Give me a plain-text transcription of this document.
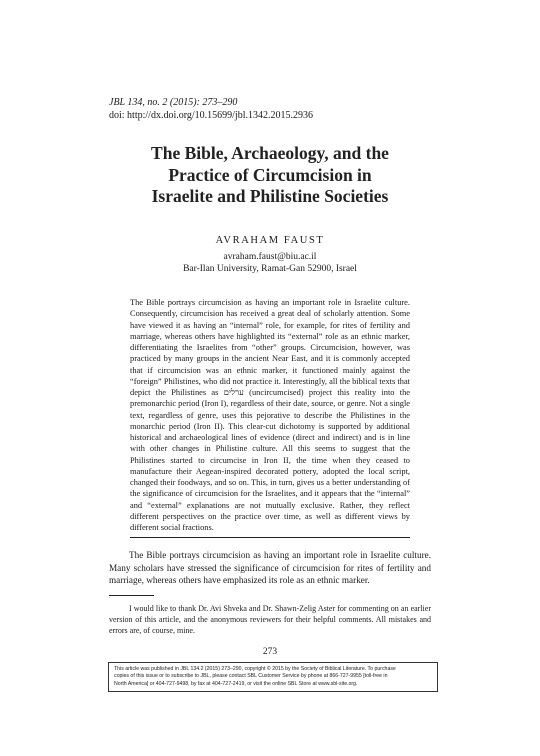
JBL 134, no. 2 (2015): 273–290
doi: http://dx.doi.org/10.15699/jbl.1342.2015.2936
The Bible, Archaeology, and the
Practice of Circumcision in
Israelite and Philistine Societies
AVRAHAM FAUST
avraham.faust@biu.ac.il
Bar-Ilan University, Ramat-Gan 52900, Israel
The Bible portrays circumcision as having an important role in Israelite culture. Consequently, circumcision has received a great deal of scholarly attention. Some have viewed it as having an “internal” role, for example, for rites of fertility and marriage, whereas others have highlighted its “external” role as an ethnic marker, differentiating the Israelites from “other” groups. Circumcision, however, was practiced by many groups in the ancient Near East, and it is commonly accepted that if circumcision was an ethnic marker, it functioned mainly against the “foreign” Philistines, who did not practice it. Interestingly, all the biblical texts that depict the Philistines as ערלים (uncircumcised) project this reality into the premonarchic period (Iron I), regardless of their date, source, or genre. Not a single text, regardless of genre, uses this pejorative to describe the Philistines in the monarchic period (Iron II). This clear-cut dichotomy is supported by additional historical and archaeological lines of evidence (direct and indirect) and is in line with other changes in Philistine culture. All this seems to suggest that the Philistines started to circumcise in Iron II, the time when they ceased to manufacture their Aegean-inspired decorated pottery, adopted the local script, changed their foodways, and so on. This, in turn, gives us a better understanding of the significance of circumcision for the Israelites, and it appears that the “internal” and “external” explanations are not mutually exclusive. Rather, they reflect different perspectives on the practice over time, as well as different views by different social fractions.
The Bible portrays circumcision as having an important role in Israelite culture. Many scholars have stressed the significance of circumcision for rites of fertility and marriage, whereas others have emphasized its role as an ethnic marker.
I would like to thank Dr. Avi Shveka and Dr. Shawn-Zelig Aster for commenting on an earlier version of this article, and the anonymous reviewers for their helpful comments. All mistakes and errors are, of course, mine.
273
This article was published in JBL 134.2 (2015) 273–290, copyright © 2015 by the Society of Biblical Literature. To purchase
copies of this issue or to subscribe to JBL, please contact SBL Customer Service by phone at 866-727-9955 [toll-free in
North America] or 404-727-9498, by fax at 404-727-2419, or visit the online SBL Store at www.sbl-site.org.
